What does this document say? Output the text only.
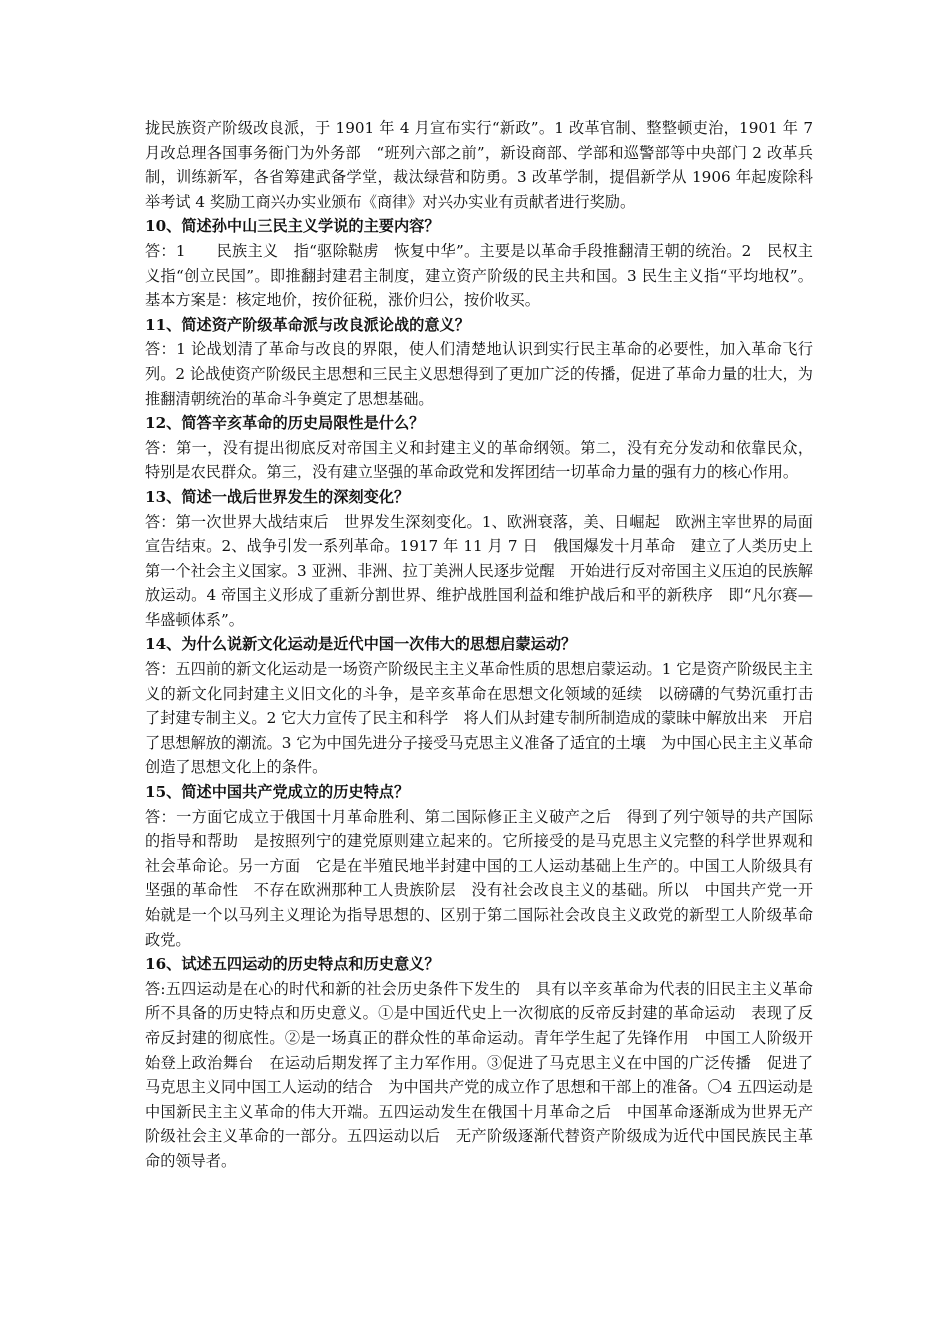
拢民族资产阶级改良派，于 1901 年 4 月宣布实行“新政”。1 改革官制、整整顿吏治，1901 年 7 月改总理各国事务衙门为外务部　“班列六部之前”，新设商部、学部和巡警部等中央部门 2 改革兵制，训练新军，各省筹建武备学堂，裁汰绿营和防勇。3 改革学制，提倡新学从 1906 年起废除科举考试 4 奖励工商兴办实业颁布《商律》对兴办实业有贡献者进行奖励。

10、简述孙中山三民主义学说的主要内容？

答：1　　民族主义　指“驱除鞑虏　恢复中华”。主要是以革命手段推翻清王朝的统治。2　民权主义指“创立民国”。即推翻封建君主制度，建立资产阶级的民主共和国。3 民生主义指“平均地权”。基本方案是：核定地价，按价征税，涨价归公，按价收买。

11、简述资产阶级革命派与改良派论战的意义？

答：1 论战划清了革命与改良的界限，使人们清楚地认识到实行民主革命的必要性，加入革命飞行列。2 论战使资产阶级民主思想和三民主义思想得到了更加广泛的传播，促进了革命力量的壮大，为推翻清朝统治的革命斗争奠定了思想基础。

12、简答辛亥革命的历史局限性是什么？

答：第一，没有提出彻底反对帝国主义和封建主义的革命纲领。第二，没有充分发动和依靠民众，特别是农民群众。第三，没有建立坚强的革命政党和发挥团结一切革命力量的强有力的核心作用。

13、简述一战后世界发生的深刻变化？

答：第一次世界大战结束后　世界发生深刻变化。1、欧洲衰落，美、日崛起　欧洲主宰世界的局面宣告结束。2、战争引发一系列革命。1917 年 11 月 7 日　俄国爆发十月革命　建立了人类历史上第一个社会主义国家。3 亚洲、非洲、拉丁美洲人民逐步觉醒　开始进行反对帝国主义压迫的民族解放运动。4 帝国主义形成了重新分割世界、维护战胜国利益和维护战后和平的新秩序　即“凡尔赛—华盛顿体系”。

14、为什么说新文化运动是近代中国一次伟大的思想启蒙运动？

答：五四前的新文化运动是一场资产阶级民主主义革命性质的思想启蒙运动。1 它是资产阶级民主主义的新文化同封建主义旧文化的斗争，是辛亥革命在思想文化领域的延续　以磅礴的气势沉重打击了封建专制主义。2 它大力宣传了民主和科学　将人们从封建专制所制造成的蒙昧中解放出来　开启了思想解放的潮流。3 它为中国先进分子接受马克思主义准备了适宜的土壤　为中国心民主主义革命创造了思想文化上的条件。

15、简述中国共产党成立的历史特点？

答：一方面它成立于俄国十月革命胜利、第二国际修正主义破产之后　得到了列宁领导的共产国际的指导和帮助　是按照列宁的建党原则建立起来的。它所接受的是马克思主义完整的科学世界观和社会革命论。另一方面　它是在半殖民地半封建中国的工人运动基础上生产的。中国工人阶级具有坚强的革命性　不存在欧洲那种工人贵族阶层　没有社会改良主义的基础。所以　中国共产党一开始就是一个以马列主义理论为指导思想的、区别于第二国际社会改良主义政党的新型工人阶级革命政党。

16、试述五四运动的历史特点和历史意义？

答:五四运动是在心的时代和新的社会历史条件下发生的　具有以辛亥革命为代表的旧民主主义革命所不具备的历史特点和历史意义。①是中国近代史上一次彻底的反帝反封建的革命运动　表现了反帝反封建的彻底性。②是一场真正的群众性的革命运动。青年学生起了先锋作用　中国工人阶级开始登上政治舞台　在运动后期发挥了主力军作用。③促进了马克思主义在中国的广泛传播　促进了马克思主义同中国工人运动的结合　为中国共产党的成立作了思想和干部上的准备。〇4 五四运动是中国新民主主义革命的伟大开端。五四运动发生在俄国十月革命之后　中国革命逐渐成为世界无产阶级社会主义革命的一部分。五四运动以后　无产阶级逐渐代替资产阶级成为近代中国民族民主革命的领导者。
